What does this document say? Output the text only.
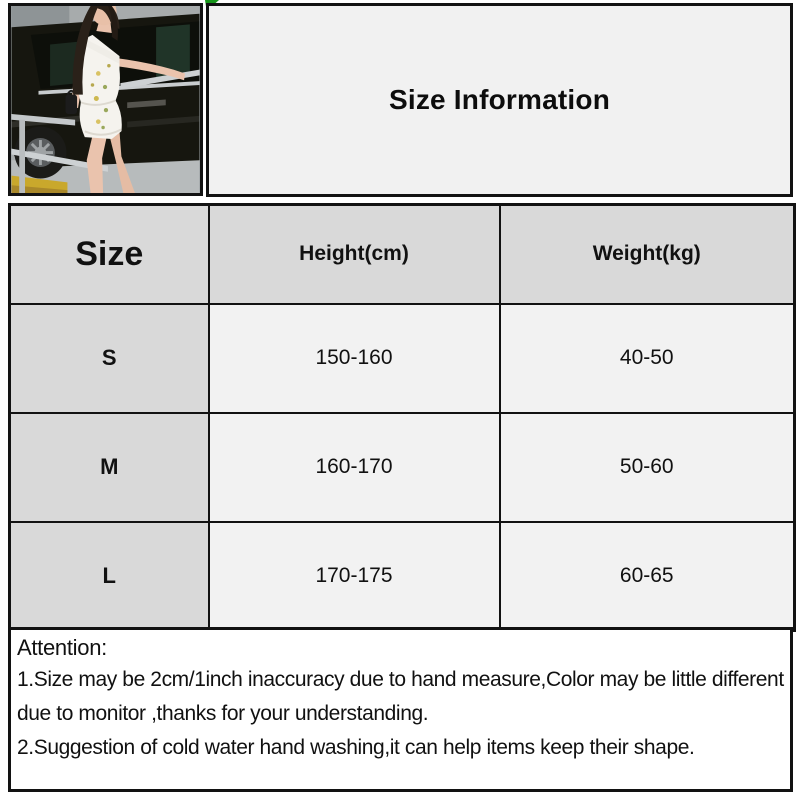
Size Information
Size	Height(cm)	Weight(kg)
S	150-160	40-50
M	160-170	50-60
L	170-175	60-65
Attention:

1.Size may be 2cm/1inch inaccuracy due to hand measure,Color may be little different due to monitor ,thanks for your understanding.

2.Suggestion of cold water hand washing,it can help items keep their shape.
